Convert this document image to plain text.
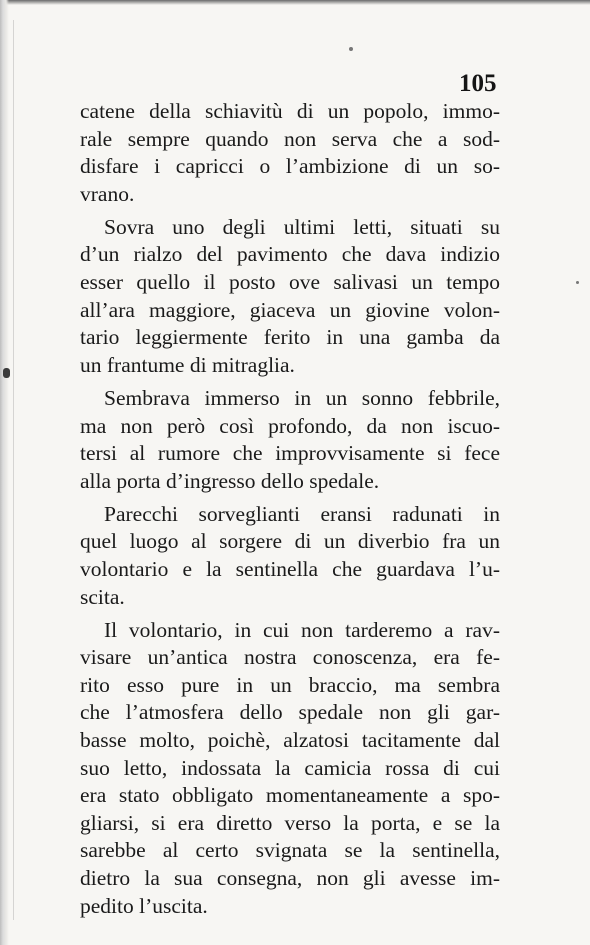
105

catene della schiavitù di un popolo, immo-
rale sempre quando non serva che a sod-
disfare i capricci o l’ambizione di un so-
vrano.
Sovra uno degli ultimi letti, situati su
d’un rialzo del pavimento che dava indizio
esser quello il posto ove salivasi un tempo
all’ara maggiore, giaceva un giovine volon-
tario leggiermente ferito in una gamba da
un frantume di mitraglia.
Sembrava immerso in un sonno febbrile,
ma non però così profondo, da non iscuo-
tersi al rumore che improvvisamente si fece
alla porta d’ingresso dello spedale.
Parecchi sorveglianti eransi radunati in
quel luogo al sorgere di un diverbio fra un
volontario e la sentinella che guardava l’u-
scita.
Il volontario, in cui non tarderemo a rav-
visare un’antica nostra conoscenza, era fe-
rito esso pure in un braccio, ma sembra
che l’atmosfera dello spedale non gli gar-
basse molto, poichè, alzatosi tacitamente dal
suo letto, indossata la camicia rossa di cui
era stato obbligato momentaneamente a spo-
gliarsi, si era diretto verso la porta, e se la
sarebbe al certo svignata se la sentinella,
dietro la sua consegna, non gli avesse im-
pedito l’uscita.
